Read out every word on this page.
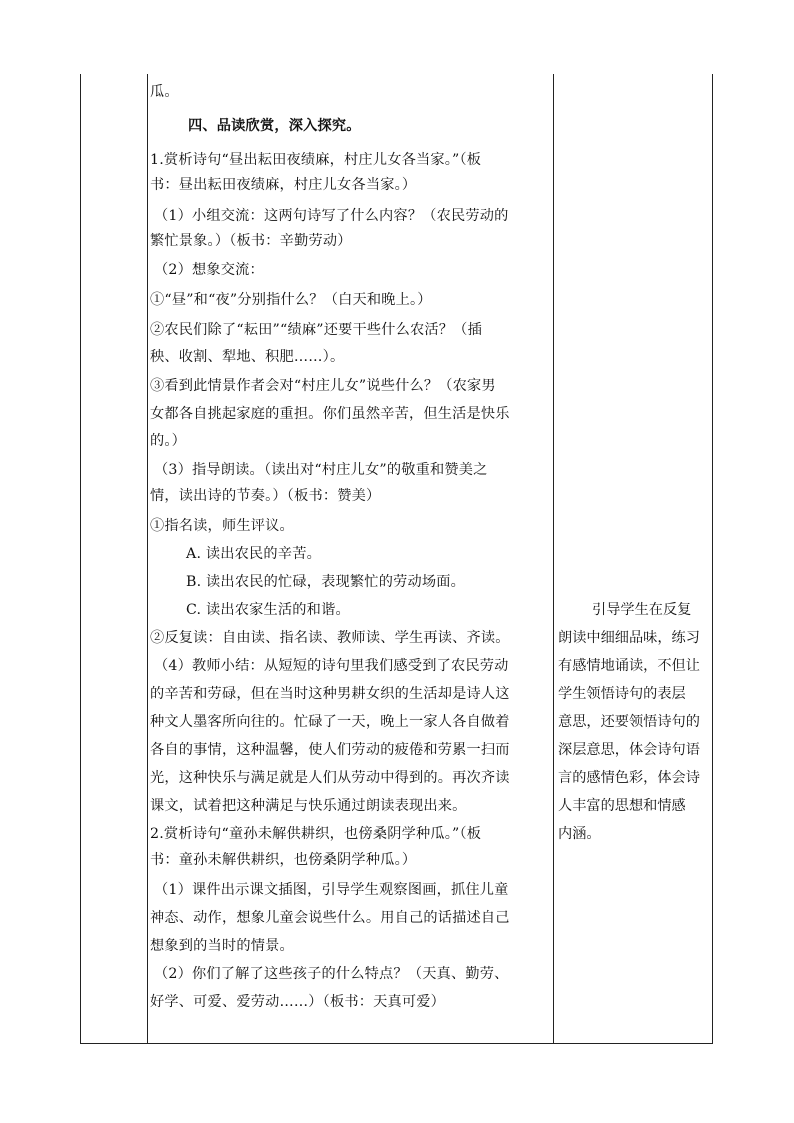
瓜。
四、品读欣赏，深入探究。
1.赏析诗句“昼出耘田夜绩麻，村庄儿女各当家。”（板
书：昼出耘田夜绩麻，村庄儿女各当家。）
（1）小组交流：这两句诗写了什么内容？（农民劳动的
繁忙景象。）（板书：辛勤劳动）
（2）想象交流：
①“昼”和“夜”分别指什么？（白天和晚上。）
②农民们除了“耘田”“绩麻”还要干些什么农活？（插
秧、收割、犁地、积肥……）。
③看到此情景作者会对“村庄儿女”说些什么？（农家男
女都各自挑起家庭的重担。你们虽然辛苦，但生活是快乐
的。）
（3）指导朗读。（读出对“村庄儿女”的敬重和赞美之
情，读出诗的节奏。）（板书：赞美）
①指名读，师生评议。
A. 读出农民的辛苦。
B. 读出农民的忙碌，表现繁忙的劳动场面。
C. 读出农家生活的和谐。
②反复读：自由读、指名读、教师读、学生再读、齐读。
（4）教师小结：从短短的诗句里我们感受到了农民劳动
的辛苦和劳碌，但在当时这种男耕女织的生活却是诗人这
种文人墨客所向往的。忙碌了一天，晚上一家人各自做着
各自的事情，这种温馨，使人们劳动的疲倦和劳累一扫而
光，这种快乐与满足就是人们从劳动中得到的。再次齐读
课文，试着把这种满足与快乐通过朗读表现出来。
2.赏析诗句“童孙未解供耕织，也傍桑阴学种瓜。”（板
书：童孙未解供耕织，也傍桑阴学种瓜。）
（1）课件出示课文插图，引导学生观察图画，抓住儿童
神态、动作，想象儿童会说些什么。用自己的话描述自己
想象到的当时的情景。
（2）你们了解了这些孩子的什么特点？（天真、勤劳、
好学、可爱、爱劳动……）（板书：天真可爱）
引导学生在反复
朗读中细细品味，练习
有感情地诵读，不但让
学生领悟诗句的表层
意思，还要领悟诗句的
深层意思，体会诗句语
言的感情色彩，体会诗
人丰富的思想和情感
内涵。
